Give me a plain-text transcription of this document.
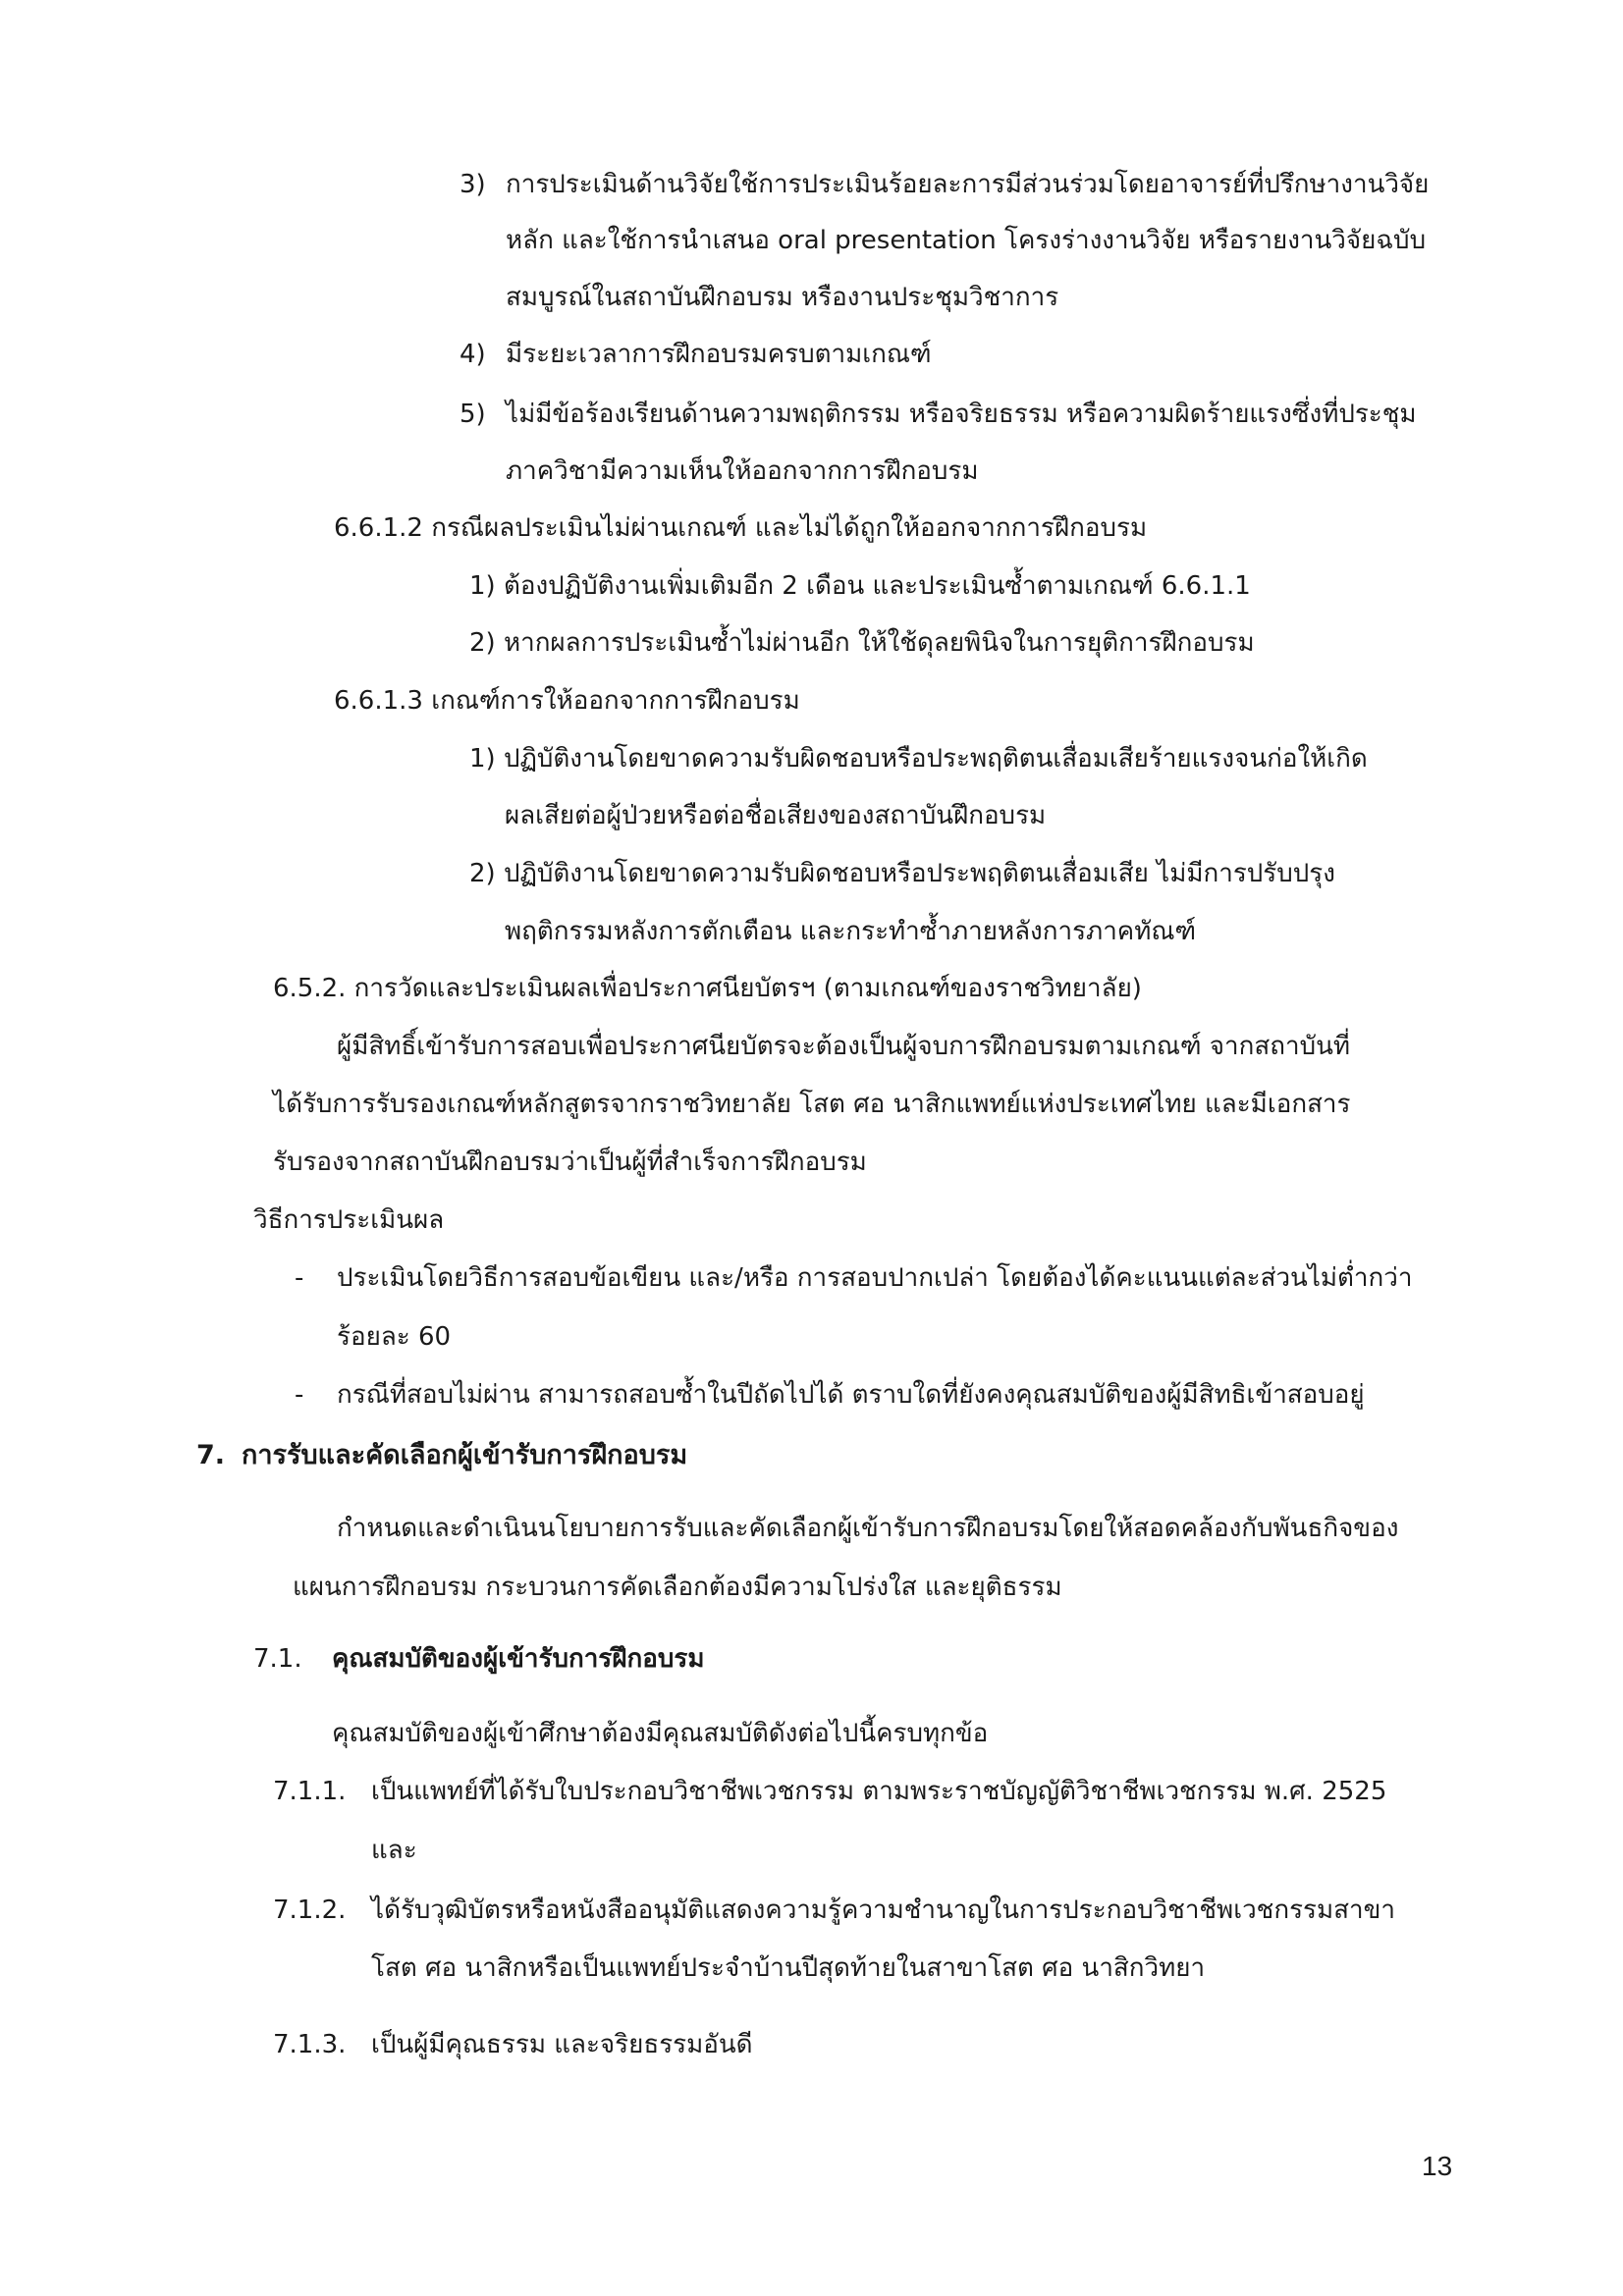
3) การประเมินด้านวิจัยใช้การประเมินร้อยละการมีส่วนร่วมโดยอาจารย์ที่ปรึกษางานวิจัย
หลัก และใช้การนำเสนอ oral presentation โครงร่างงานวิจัย หรือรายงานวิจัยฉบับ
สมบูรณ์ในสถาบันฝึกอบรม หรืองานประชุมวิชาการ
4) มีระยะเวลาการฝึกอบรมครบตามเกณฑ์
5) ไม่มีข้อร้องเรียนด้านความพฤติกรรม หรือจริยธรรม หรือความผิดร้ายแรงซึ่งที่ประชุม
ภาควิชามีความเห็นให้ออกจากการฝึกอบรม
6.6.1.2 กรณีผลประเมินไม่ผ่านเกณฑ์ และไม่ได้ถูกให้ออกจากการฝึกอบรม
1) ต้องปฏิบัติงานเพิ่มเติมอีก 2 เดือน และประเมินซ้ำตามเกณฑ์ 6.6.1.1
2) หากผลการประเมินซ้ำไม่ผ่านอีก ให้ใช้ดุลยพินิจในการยุติการฝึกอบรม
6.6.1.3 เกณฑ์การให้ออกจากการฝึกอบรม
1) ปฏิบัติงานโดยขาดความรับผิดชอบหรือประพฤติตนเสื่อมเสียร้ายแรงจนก่อให้เกิด
ผลเสียต่อผู้ป่วยหรือต่อชื่อเสียงของสถาบันฝึกอบรม
2) ปฏิบัติงานโดยขาดความรับผิดชอบหรือประพฤติตนเสื่อมเสีย ไม่มีการปรับปรุง
พฤติกรรมหลังการตักเตือน และกระทำซ้ำภายหลังการภาคทัณฑ์
6.5.2. การวัดและประเมินผลเพื่อประกาศนียบัตรฯ (ตามเกณฑ์ของราชวิทยาลัย)
ผู้มีสิทธิ์เข้ารับการสอบเพื่อประกาศนียบัตรจะต้องเป็นผู้จบการฝึกอบรมตามเกณฑ์ จากสถาบันที่
ได้รับการรับรองเกณฑ์หลักสูตรจากราชวิทยาลัย โสต ศอ นาสิกแพทย์แห่งประเทศไทย และมีเอกสาร
รับรองจากสถาบันฝึกอบรมว่าเป็นผู้ที่สำเร็จการฝึกอบรม
วิธีการประเมินผล
- ประเมินโดยวิธีการสอบข้อเขียน และ/หรือ การสอบปากเปล่า โดยต้องได้คะแนนแต่ละส่วนไม่ต่ำกว่า
ร้อยละ 60
- กรณีที่สอบไม่ผ่าน สามารถสอบซ้ำในปีถัดไปได้ ตราบใดที่ยังคงคุณสมบัติของผู้มีสิทธิเข้าสอบอยู่
7. การรับและคัดเลือกผู้เข้ารับการฝึกอบรม
กำหนดและดำเนินนโยบายการรับและคัดเลือกผู้เข้ารับการฝึกอบรมโดยให้สอดคล้องกับพันธกิจของ
แผนการฝึกอบรม กระบวนการคัดเลือกต้องมีความโปร่งใส และยุติธรรม
7.1. คุณสมบัติของผู้เข้ารับการฝึกอบรม
คุณสมบัติของผู้เข้าศึกษาต้องมีคุณสมบัติดังต่อไปนี้ครบทุกข้อ
7.1.1. เป็นแพทย์ที่ได้รับใบประกอบวิชาชีพเวชกรรม ตามพระราชบัญญัติวิชาชีพเวชกรรม พ.ศ. 2525
และ
7.1.2. ได้รับวุฒิบัตรหรือหนังสืออนุมัติแสดงความรู้ความชำนาญในการประกอบวิชาชีพเวชกรรมสาขา
โสต ศอ นาสิกหรือเป็นแพทย์ประจำบ้านปีสุดท้ายในสาขาโสต ศอ นาสิกวิทยา
7.1.3. เป็นผู้มีคุณธรรม และจริยธรรมอันดี
13
